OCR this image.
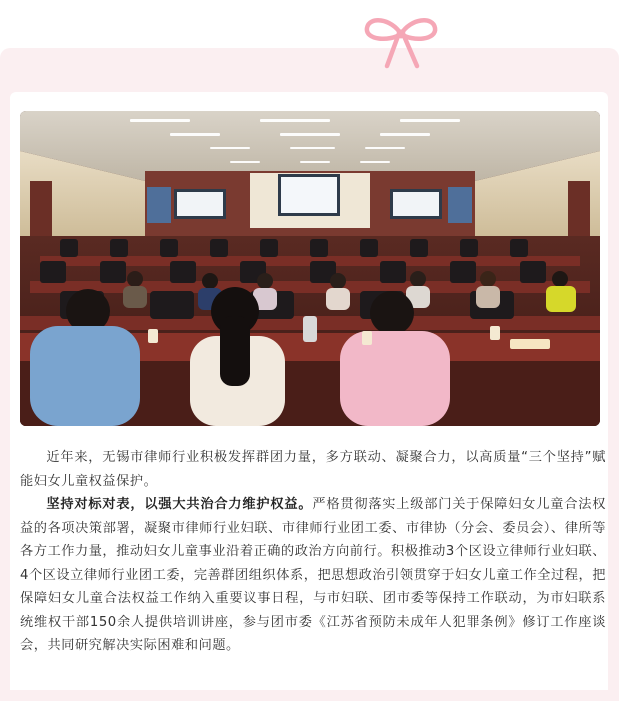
近年来，无锡市律师行业积极发挥群团力量，多方联动、凝聚合力，以高质量“三个坚持”赋能妇女儿童权益保护。

坚持对标对表，以强大共治合力维护权益。严格贯彻落实上级部门关于保障妇女儿童合法权益的各项决策部署，凝聚市律师行业妇联、市律师行业团工委、市律协（分会、委员会）、律所等各方工作力量，推动妇女儿童事业沿着正确的政治方向前行。积极推动3个区设立律师行业妇联、4个区设立律师行业团工委，完善群团组织体系，把思想政治引领贯穿于妇女儿童工作全过程，把保障妇女儿童合法权益工作纳入重要议事日程，与市妇联、团市委等保持工作联动，为市妇联系统维权干部150余人提供培训讲座，参与团市委《江苏省预防未成年人犯罪条例》修订工作座谈会，共同研究解决实际困难和问题。
